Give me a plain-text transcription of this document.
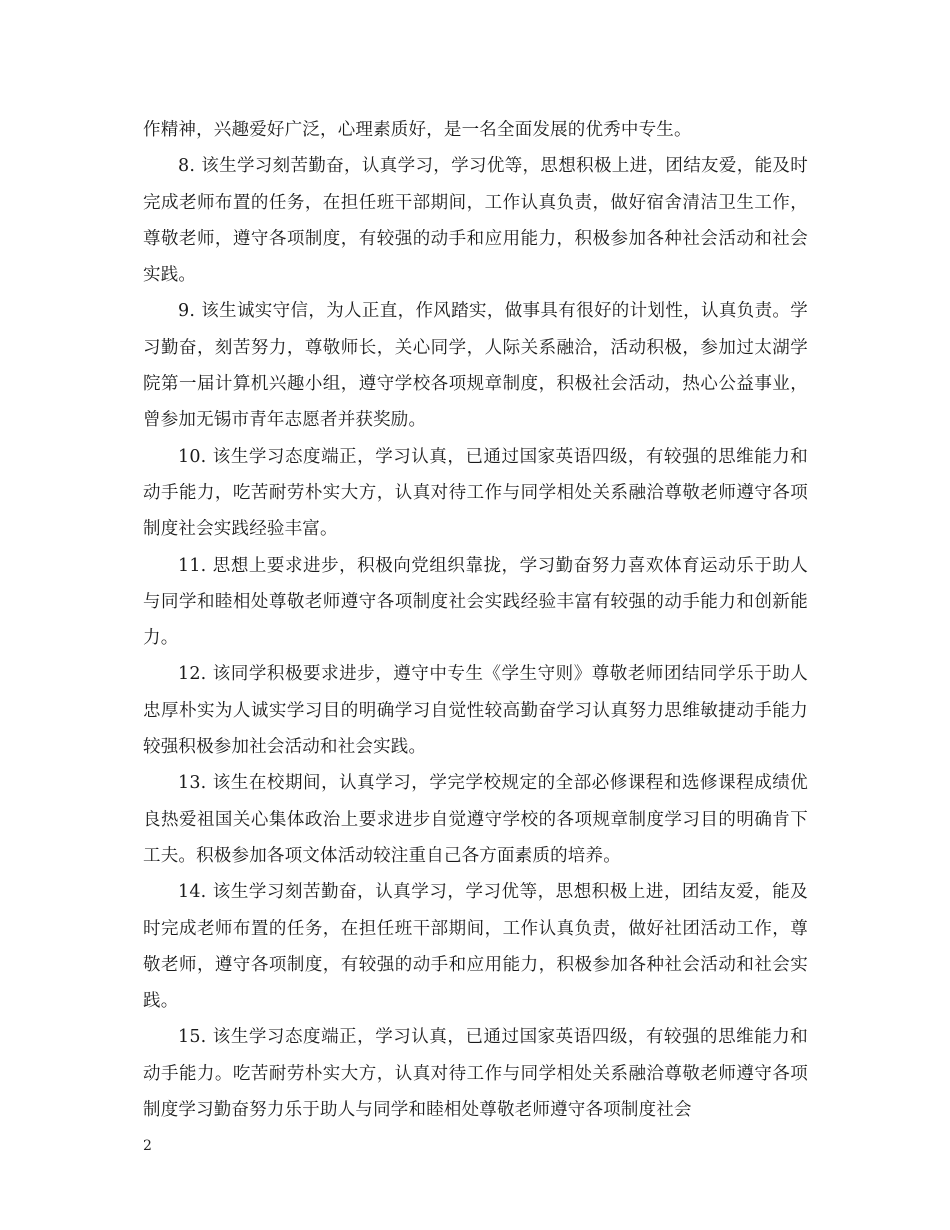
作精神，兴趣爱好广泛，心理素质好，是一名全面发展的优秀中专生。

8. 该生学习刻苦勤奋，认真学习，学习优等，思想积极上进，团结友爱，能及时完成老师布置的任务，在担任班干部期间，工作认真负责，做好宿舍清洁卫生工作，尊敬老师，遵守各项制度，有较强的动手和应用能力，积极参加各种社会活动和社会实践。

9. 该生诚实守信，为人正直，作风踏实，做事具有很好的计划性，认真负责。学习勤奋，刻苦努力，尊敬师长，关心同学，人际关系融洽，活动积极，参加过太湖学院第一届计算机兴趣小组，遵守学校各项规章制度，积极社会活动，热心公益事业，曾参加无锡市青年志愿者并获奖励。

10. 该生学习态度端正，学习认真，已通过国家英语四级，有较强的思维能力和动手能力，吃苦耐劳朴实大方，认真对待工作与同学相处关系融洽尊敬老师遵守各项制度社会实践经验丰富。

11. 思想上要求进步，积极向党组织靠拢，学习勤奋努力喜欢体育运动乐于助人与同学和睦相处尊敬老师遵守各项制度社会实践经验丰富有较强的动手能力和创新能力。

12. 该同学积极要求进步，遵守中专生《学生守则》尊敬老师团结同学乐于助人忠厚朴实为人诚实学习目的明确学习自觉性较高勤奋学习认真努力思维敏捷动手能力较强积极参加社会活动和社会实践。

13. 该生在校期间，认真学习，学完学校规定的全部必修课程和选修课程成绩优良热爱祖国关心集体政治上要求进步自觉遵守学校的各项规章制度学习目的明确肯下工夫。积极参加各项文体活动较注重自己各方面素质的培养。

14. 该生学习刻苦勤奋，认真学习，学习优等，思想积极上进，团结友爱，能及时完成老师布置的任务，在担任班干部期间，工作认真负责，做好社团活动工作，尊敬老师，遵守各项制度，有较强的动手和应用能力，积极参加各种社会活动和社会实践。

15. 该生学习态度端正，学习认真，已通过国家英语四级，有较强的思维能力和动手能力。吃苦耐劳朴实大方，认真对待工作与同学相处关系融洽尊敬老师遵守各项制度学习勤奋努力乐于助人与同学和睦相处尊敬老师遵守各项制度社会

2
